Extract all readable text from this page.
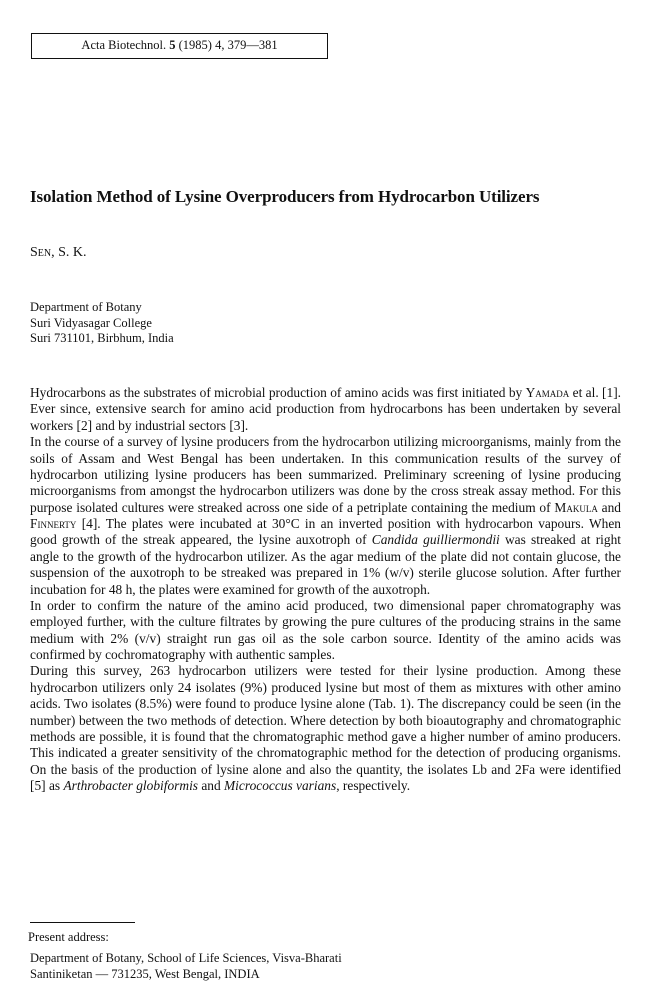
Acta Biotechnol. 5 (1985) 4, 379—381
Isolation Method of Lysine Overproducers from Hydrocarbon Utilizers
Sen, S. K.
Department of Botany
Suri Vidyasagar College
Suri 731101, Birbhum, India

Hydrocarbons as the substrates of microbial production of amino acids was first initiated by Yamada et al. [1]. Ever since, extensive search for amino acid production from hydrocarbons has been undertaken by several workers [2] and by industrial sectors [3].

In the course of a survey of lysine producers from the hydrocarbon utilizing microorganisms, mainly from the soils of Assam and West Bengal has been undertaken. In this communication results of the survey of hydrocarbon utilizing lysine producers has been summarized. Preliminary screening of lysine producing microorganisms from amongst the hydrocarbon utilizers was done by the cross streak assay method. For this purpose isolated cultures were streaked across one side of a petriplate containing the medium of Makula and Finnerty [4]. The plates were incubated at 30°C in an inverted position with hydrocarbon vapours. When good growth of the streak appeared, the lysine auxotroph of Candida guilliermondii was streaked at right angle to the growth of the hydrocarbon utilizer. As the agar medium of the plate did not contain glucose, the suspension of the auxotroph to be streaked was prepared in 1% (w/v) sterile glucose solution. After further incubation for 48 h, the plates were examined for growth of the auxotroph.

In order to confirm the nature of the amino acid produced, two dimensional paper chromatography was employed further, with the culture filtrates by growing the pure cultures of the producing strains in the same medium with 2% (v/v) straight run gas oil as the sole carbon source. Identity of the amino acids was confirmed by cochromatography with authentic samples.

During this survey, 263 hydrocarbon utilizers were tested for their lysine production. Among these hydrocarbon utilizers only 24 isolates (9%) produced lysine but most of them as mixtures with other amino acids. Two isolates (8.5%) were found to produce lysine alone (Tab. 1). The discrepancy could be seen (in the number) between the two methods of detection. Where detection by both bioautography and chromatographic methods are possible, it is found that the chromatographic method gave a higher number of amino producers. This indicated a greater sensitivity of the chromatographic method for the detection of producing organisms. On the basis of the production of lysine alone and also the quantity, the isolates Lb and 2Fa were identified [5] as Arthrobacter globiformis and Micrococcus varians, respectively.

Present address:
Department of Botany, School of Life Sciences, Visva-Bharati
Santiniketan — 731235, West Bengal, INDIA
